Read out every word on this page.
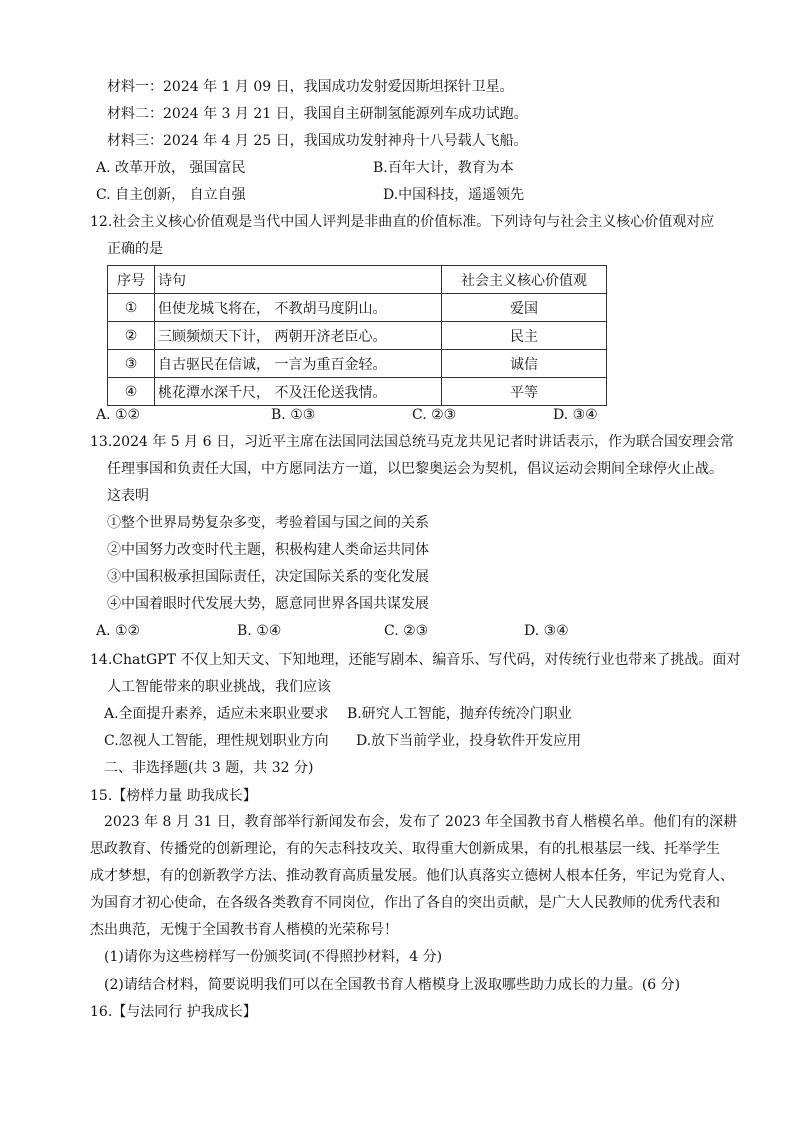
材料一：2024 年 1 月 09 日，我国成功发射爱因斯坦探针卫星。
材料二：2024 年 3 月 21 日，我国自主研制氢能源列车成功试跑。
材料三：2024 年 4 月 25 日，我国成功发射神舟十八号载人飞船。
A. 改革开放， 强国富民	B.百年大计，教育为本
C. 自主创新， 自立自强	D.中国科技，遥遥领先
12.社会主义核心价值观是当代中国人评判是非曲直的价值标准。下列诗句与社会主义核心价值观对应
正确的是
序号	诗句	社会主义核心价值观
①	但使龙城飞将在， 不教胡马度阴山。	爱国
②	三顾频烦天下计， 两朝开济老臣心。	民主
③	自古驱民在信诚， 一言为重百金轻。	诚信
④	桃花潭水深千尺， 不及汪伦送我情。	平等
A. ①②	B. ①③	C. ②③	D. ③④
13.2024 年 5 月 6 日，习近平主席在法国同法国总统马克龙共见记者时讲话表示，作为联合国安理会常
任理事国和负责任大国，中方愿同法方一道，以巴黎奥运会为契机，倡议运动会期间全球停火止战。
这表明
①整个世界局势复杂多变，考验着国与国之间的关系
②中国努力改变时代主题，积极构建人类命运共同体
③中国积极承担国际责任，决定国际关系的变化发展
④中国着眼时代发展大势，愿意同世界各国共谋发展
A. ①②	B. ①④	C. ②③	D. ③④
14.ChatGPT 不仅上知天文、下知地理，还能写剧本、编音乐、写代码，对传统行业也带来了挑战。面对
人工智能带来的职业挑战，我们应该
A.全面提升素养，适应未来职业要求 B.研究人工智能，抛弃传统冷门职业
C.忽视人工智能，理性规划职业方向 D.放下当前学业，投身软件开发应用
二、非选择题(共 3 题，共 32 分)
15.【榜样力量 助我成长】
2023 年 8 月 31 日，教育部举行新闻发布会，发布了 2023 年全国教书育人楷模名单。他们有的深耕
思政教育、传播党的创新理论，有的矢志科技攻关、取得重大创新成果，有的扎根基层一线、托举学生
成才梦想，有的创新教学方法、推动教育高质量发展。他们认真落实立德树人根本任务，牢记为党育人、
为国育才初心使命，在各级各类教育不同岗位，作出了各自的突出贡献，是广大人民教师的优秀代表和
杰出典范，无愧于全国教书育人楷模的光荣称号！
(1)请你为这些榜样写一份颁奖词(不得照抄材料，4 分)
(2)请结合材料，简要说明我们可以在全国教书育人楷模身上汲取哪些助力成长的力量。(6 分)
16.【与法同行 护我成长】
